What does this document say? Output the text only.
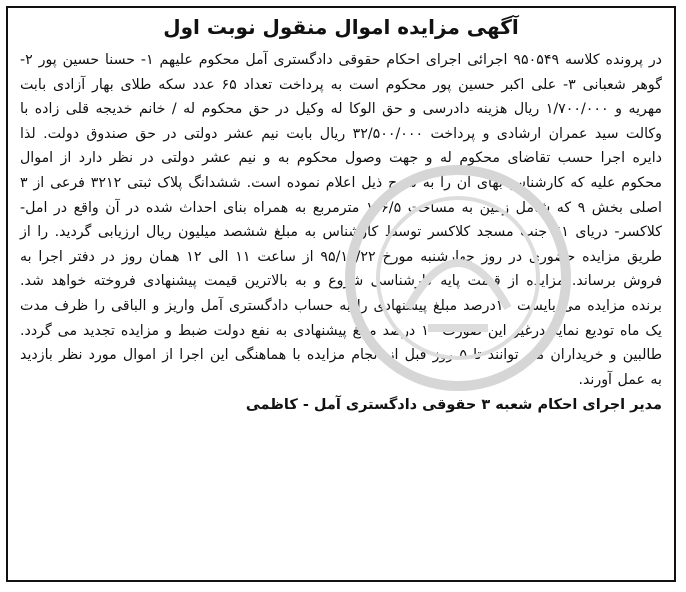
آگهی مزایده اموال منقول نوبت اول
در پرونده کلاسه ۹۵۰۵۴۹ اجرائی اجرای احکام حقوقی دادگستری آمل محکوم علیهم ۱- حسنا حسین پور ۲- گوهر شعبانی ۳- علی اکبر حسین پور محکوم است به پرداخت تعداد ۶۵ عدد سکه طلای بهار آزادی بابت مهریه و ۱/۷۰۰/۰۰۰ ریال هزینه دادرسی و حق الوکا له وکیل در حق محکوم له / خانم خدیجه قلی زاده با وکالت سید عمران ارشادی و پرداخت ۳۲/۵۰۰/۰۰۰ ریال بابت نیم عشر دولتی در حق صندوق دولت. لذا دایره اجرا حسب تقاضای محکوم له و جهت وصول محکوم به و نیم عشر دولتی در نظر دارد از اموال محکوم علیه که کارشناس بهای آن را به شرح ذیل اعلام نموده است. ششدانگ پلاک ثبتی ۳۲۱۲ فرعی از ۳ اصلی بخش ۹ که شامل زمین به مساحت ۱۳۶/۵ مترمربع به همراه بنای احداث شده در آن واقع در امل-کلاکسر- دریای ۶۱ جنب مسجد کلاکسر توسط کارشناس به مبلغ ششصد میلیون ریال ارزیابی گردید. را از طریق مزایده حضوری در روز چهارشنبه مورخ ۹۵/۱۰/۲۲ از ساعت ۱۱ الی ۱۲ همان روز در دفتر اجرا به فروش برساند. مزایده از قیمت پایه کارشناسی شروع و به بالاترین قیمت پیشنهادی فروخته خواهد شد. برنده مزایده می بایست ۱۰درصد مبلغ پیشنهادی را به حساب دادگستری آمل واریز و الباقی را ظرف مدت یک ماه تودیع نماید درغیر این صورت ۱۰ درصد مبلغ پیشنهادی به نفع دولت ضبط و مزایده تجدید می گردد. طالبین و خریداران می توانند تا ۵ روز قبل از انجام مزایده با هماهنگی این اجرا از اموال مورد نظر بازدید به عمل آورند.
مدیر اجرای احکام شعبه ۳ حقوقی دادگستری آمل - کاظمی
